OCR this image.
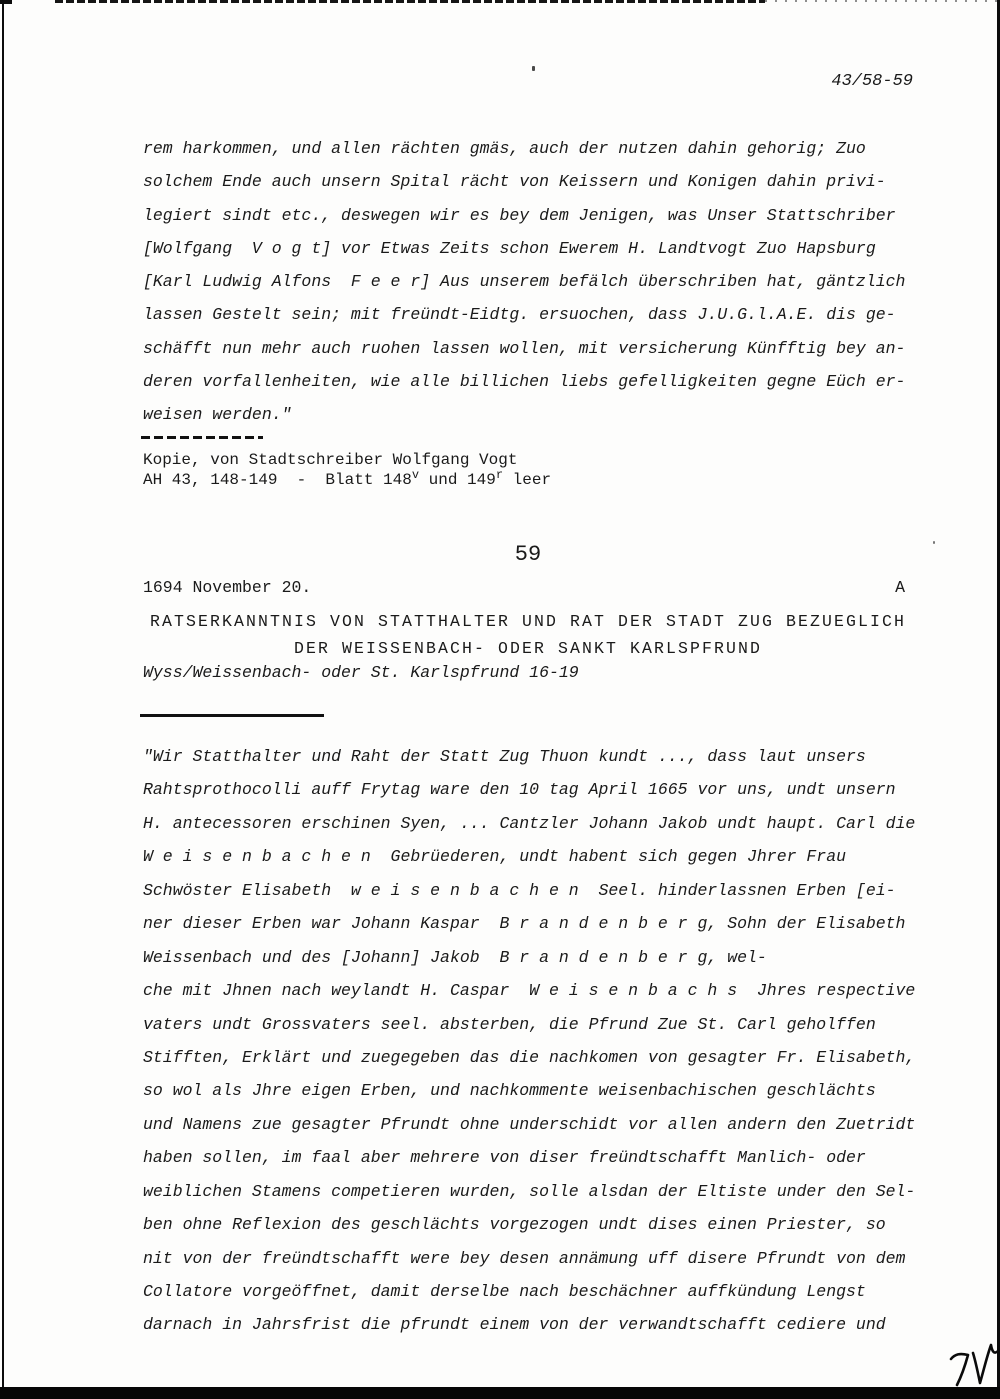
43/58-59
rem harkommen, und allen rächten gmäs, auch der nutzen dahin gehorig; Zuo
solchem Ende auch unsern Spital rächt von Keissern und Konigen dahin privi-
legiert sindt etc., deswegen wir es bey dem Jenigen, was Unser Stattschriber
[Wolfgang  V o g t] vor Etwas Zeits schon Ewerem H. Landtvogt Zuo Hapsburg
[Karl Ludwig Alfons  F e e r] Aus unserem befälch überschriben hat, gäntzlich
lassen Gestelt sein; mit freündt-Eidtg. ersuochen, dass J.U.G.l.A.E. dis ge-
schäfft nun mehr auch ruohen lassen wollen, mit versicherung Künfftig bey an-
deren vorfallenheiten, wie alle billichen liebs gefelligkeiten gegne Eüch er-
weisen werden."
Kopie, von Stadtschreiber Wolfgang Vogt
AH 43, 148-149  -  Blatt 148$^v$ und 149$^r$ leer
59
1694 November 20.	A
RATSERKANNTNIS VON STATTHALTER UND RAT DER STADT ZUG BEZUEGLICH
DER WEISSENBACH- ODER SANKT KARLSPFRUND
Wyss/Weissenbach- oder St. Karlspfrund 16-19
"Wir Statthalter und Raht der Statt Zug Thuon kundt ..., dass laut unsers
Rahtsprothocolli auff Frytag ware den 10 tag April 1665 vor uns, undt unsern
H. antecessoren erschinen Syen, ... Cantzler Johann Jakob undt haupt. Carl die
W e i s e n b a c h e n  Gebrüederen, undt habent sich gegen Jhrer Frau
Schwöster Elisabeth  w e i s e n b a c h e n  Seel. hinderlassnen Erben [ei-
ner dieser Erben war Johann Kaspar  B r a n d e n b e r g, Sohn der Elisabeth
Weissenbach und des [Johann] Jakob  B r a n d e n b e r g, wel-
che mit Jhnen nach weylandt H. Caspar  W e i s e n b a c h s  Jhres respective
vaters undt Grossvaters seel. absterben, die Pfrund Zue St. Carl geholffen
Stifften, Erklärt und zuegegeben das die nachkomen von gesagter Fr. Elisabeth,
so wol als Jhre eigen Erben, und nachkommente weisenbachischen geschlächts
und Namens zue gesagter Pfrundt ohne underschidt vor allen andern den Zuetridt
haben sollen, im faal aber mehrere von diser freündtschafft Manlich- oder
weiblichen Stamens competieren wurden, solle alsdan der Eltiste under den Sel-
ben ohne Reflexion des geschlächts vorgezogen undt dises einen Priester, so
nit von der freündtschafft were bey desen annämung uff disere Pfrundt von dem
Collatore vorgeöffnet, damit derselbe nach beschächner auffkündung Lengst
darnach in Jahrsfrist die pfrundt einem von der verwandtschafft cediere und
